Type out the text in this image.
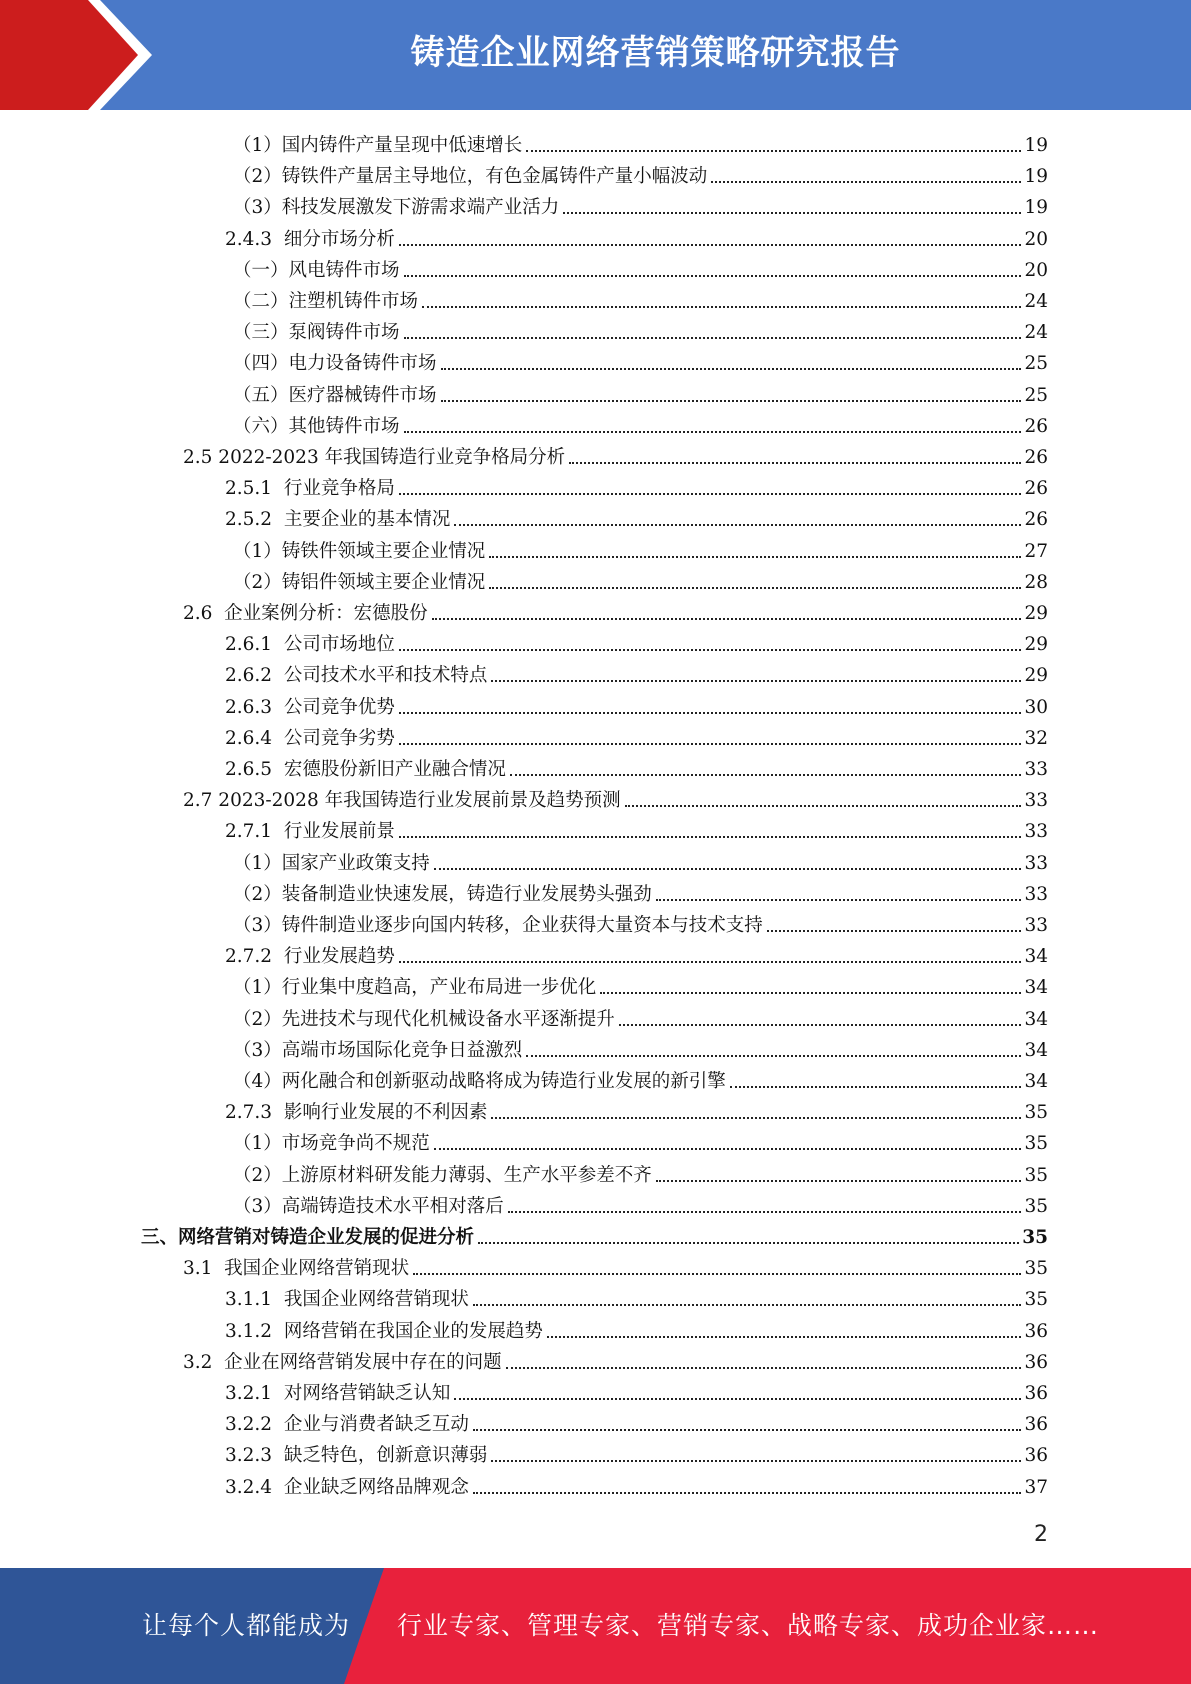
铸造企业网络营销策略研究报告
（1）国内铸件产量呈现中低速增长	19
（2）铸铁件产量居主导地位，有色金属铸件产量小幅波动	19
（3）科技发展激发下游需求端产业活力	19
2.4.3  细分市场分析	20
（一）风电铸件市场	20
（二）注塑机铸件市场	24
（三）泵阀铸件市场	24
（四）电力设备铸件市场	25
（五）医疗器械铸件市场	25
（六）其他铸件市场	26
2.5 2022-2023 年我国铸造行业竞争格局分析	26
2.5.1  行业竞争格局	26
2.5.2  主要企业的基本情况	26
（1）铸铁件领域主要企业情况	27
（2）铸铝件领域主要企业情况	28
2.6  企业案例分析：宏德股份	29
2.6.1  公司市场地位	29
2.6.2  公司技术水平和技术特点	29
2.6.3  公司竞争优势	30
2.6.4  公司竞争劣势	32
2.6.5  宏德股份新旧产业融合情况	33
2.7 2023-2028 年我国铸造行业发展前景及趋势预测	33
2.7.1  行业发展前景	33
（1）国家产业政策支持	33
（2）装备制造业快速发展，铸造行业发展势头强劲	33
（3）铸件制造业逐步向国内转移，企业获得大量资本与技术支持	33
2.7.2  行业发展趋势	34
（1）行业集中度趋高，产业布局进一步优化	34
（2）先进技术与现代化机械设备水平逐渐提升	34
（3）高端市场国际化竞争日益激烈	34
（4）两化融合和创新驱动战略将成为铸造行业发展的新引擎	34
2.7.3  影响行业发展的不利因素	35
（1）市场竞争尚不规范	35
（2）上游原材料研发能力薄弱、生产水平参差不齐	35
（3）高端铸造技术水平相对落后	35
三、网络营销对铸造企业发展的促进分析	35
3.1  我国企业网络营销现状	35
3.1.1  我国企业网络营销现状	35
3.1.2  网络营销在我国企业的发展趋势	36
3.2  企业在网络营销发展中存在的问题	36
3.2.1  对网络营销缺乏认知	36
3.2.2  企业与消费者缺乏互动	36
3.2.3  缺乏特色，创新意识薄弱	36
3.2.4  企业缺乏网络品牌观念	37
2
让每个人都能成为 行业专家、管理专家、营销专家、战略专家、成功企业家……
